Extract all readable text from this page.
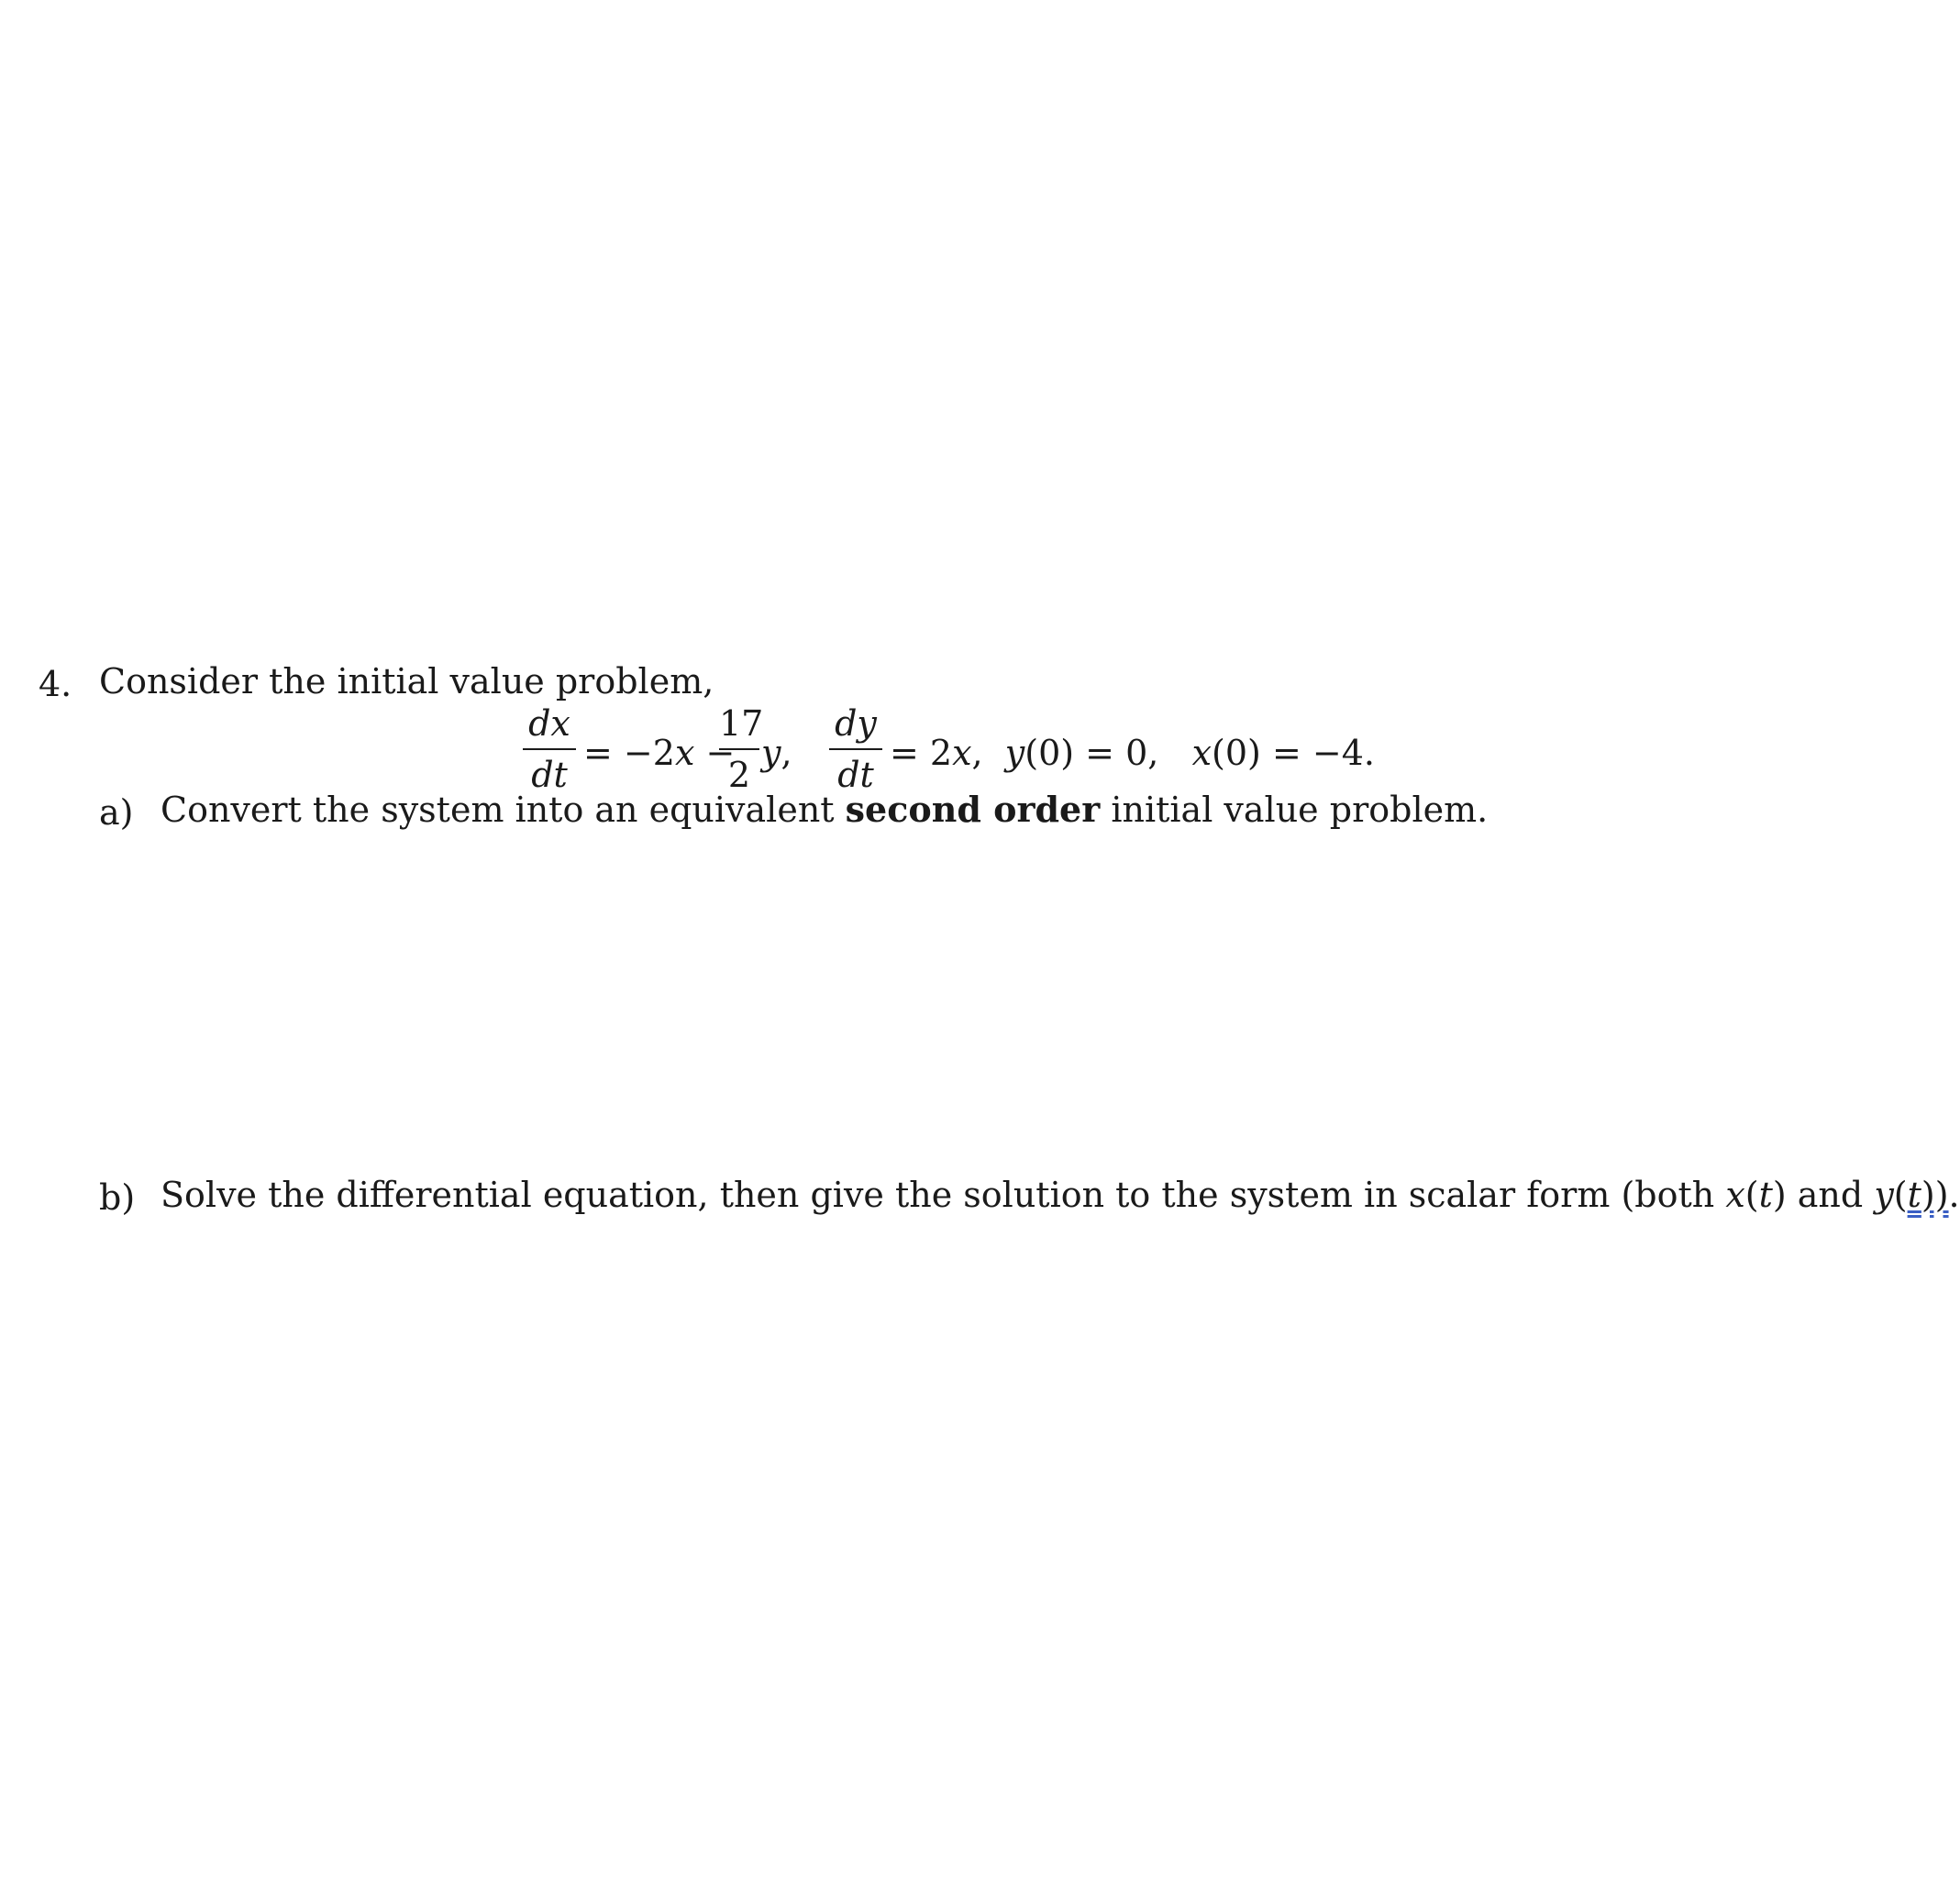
4. Consider the initial value problem,
dx
dt
= −2x −
17
2
y,
dy
dt
= 2x,  y(0) = 0,   x(0) = −4.
a) Convert the system into an equivalent second order initial value problem.
b) Solve the differential equation, then give the solution to the system in scalar form (both x(t) and y(t)).
